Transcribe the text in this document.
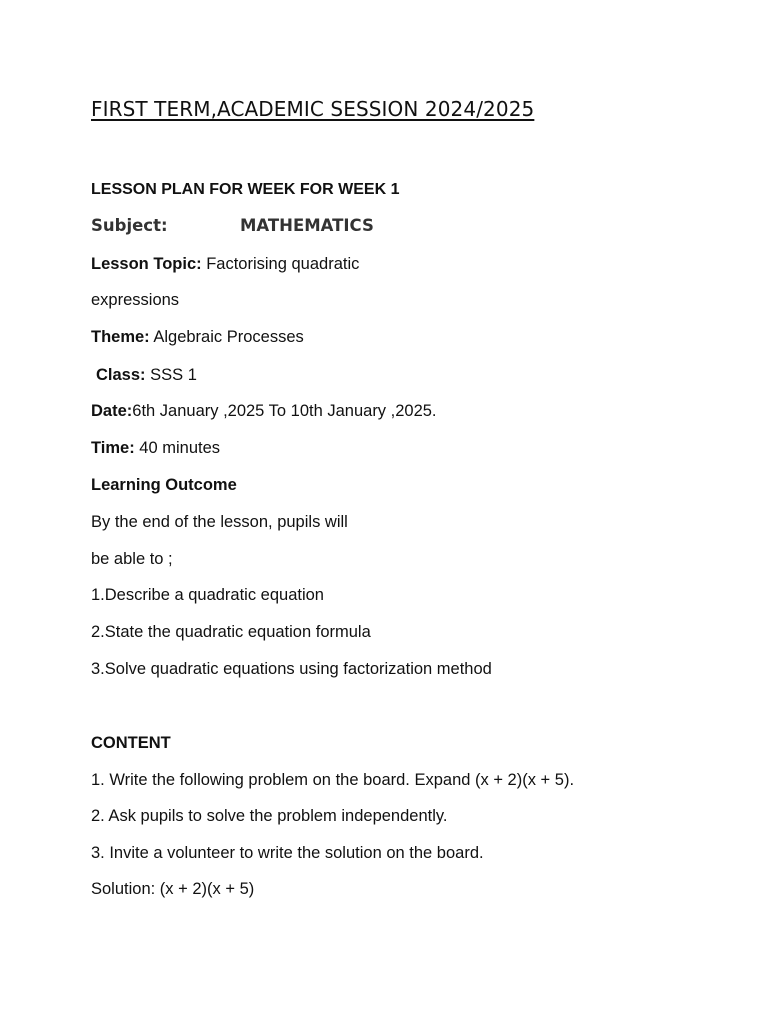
FIRST TERM,ACADEMIC SESSION 2024/2025
LESSON PLAN FOR WEEK FOR WEEK 1
Subject:	MATHEMATICS
Lesson Topic: Factorising quadratic
expressions
Theme: Algebraic Processes
Class: SSS 1
Date:6th January ,2025 To 10th January ,2025.
Time: 40 minutes
Learning Outcome
By the end of the lesson, pupils will
be able to ;
1.Describe a quadratic equation
2.State the quadratic equation formula
3.Solve quadratic equations using factorization method
CONTENT
1. Write the following problem on the board. Expand (x + 2)(x + 5).
2. Ask pupils to solve the problem independently.
3. Invite a volunteer to write the solution on the board.
Solution: (x + 2)(x + 5)
